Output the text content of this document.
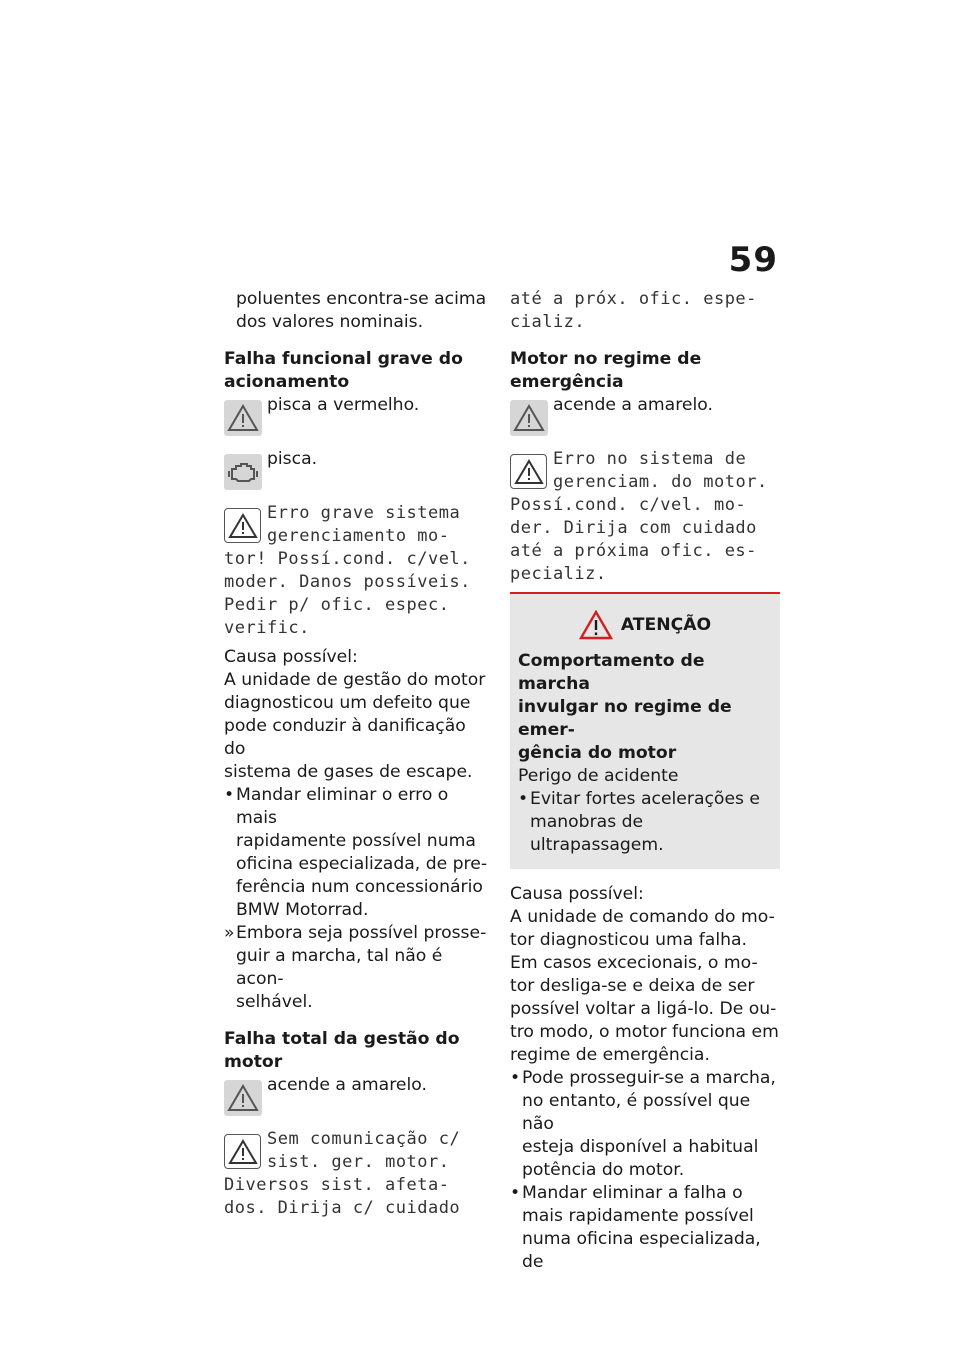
59

poluentes encontra-se acima

dos valores nominais.

Falha funcional grave do

acionamento

pisca a vermelho.

pisca.

Erro grave sistema
gerenciamento mo-
tor! Possí.cond. c/vel.
moder. Danos possíveis.
Pedir p/ ofic. espec.
verific.

Causa possível:

A unidade de gestão do motor

diagnosticou um defeito que

pode conduzir à danificação do

sistema de gases de escape.

• Mandar eliminar o erro o mais
rapidamente possível numa
oficina especializada, de pre-
ferência num concessionário
BMW Motorrad.
» Embora seja possível prosse-
guir a marcha, tal não é acon-
selhável.

Falha total da gestão do

motor

acende a amarelo.

Sem comunicação c/
sist. ger. motor.
Diversos sist. afeta-
dos. Dirija c/ cuidado
até a próx. ofic. espe-
cializ.

Motor no regime de

emergência

acende a amarelo.

Erro no sistema de
gerenciam. do motor.
Possí.cond. c/vel. mo-
der. Dirija com cuidado
até a próxima ofic. es-
pecializ.
ATENÇÃO

Comportamento de marcha

invulgar no regime de emer-

gência do motor

Perigo de acidente

• Evitar fortes acelerações e
manobras de ultrapassagem.

Causa possível:

A unidade de comando do mo-

tor diagnosticou uma falha.

Em casos excecionais, o mo-

tor desliga-se e deixa de ser

possível voltar a ligá-lo. De ou-

tro modo, o motor funciona em

regime de emergência.

• Pode prosseguir-se a marcha,
no entanto, é possível que não
esteja disponível a habitual
potência do motor.
• Mandar eliminar a falha o
mais rapidamente possível
numa oficina especializada, de
